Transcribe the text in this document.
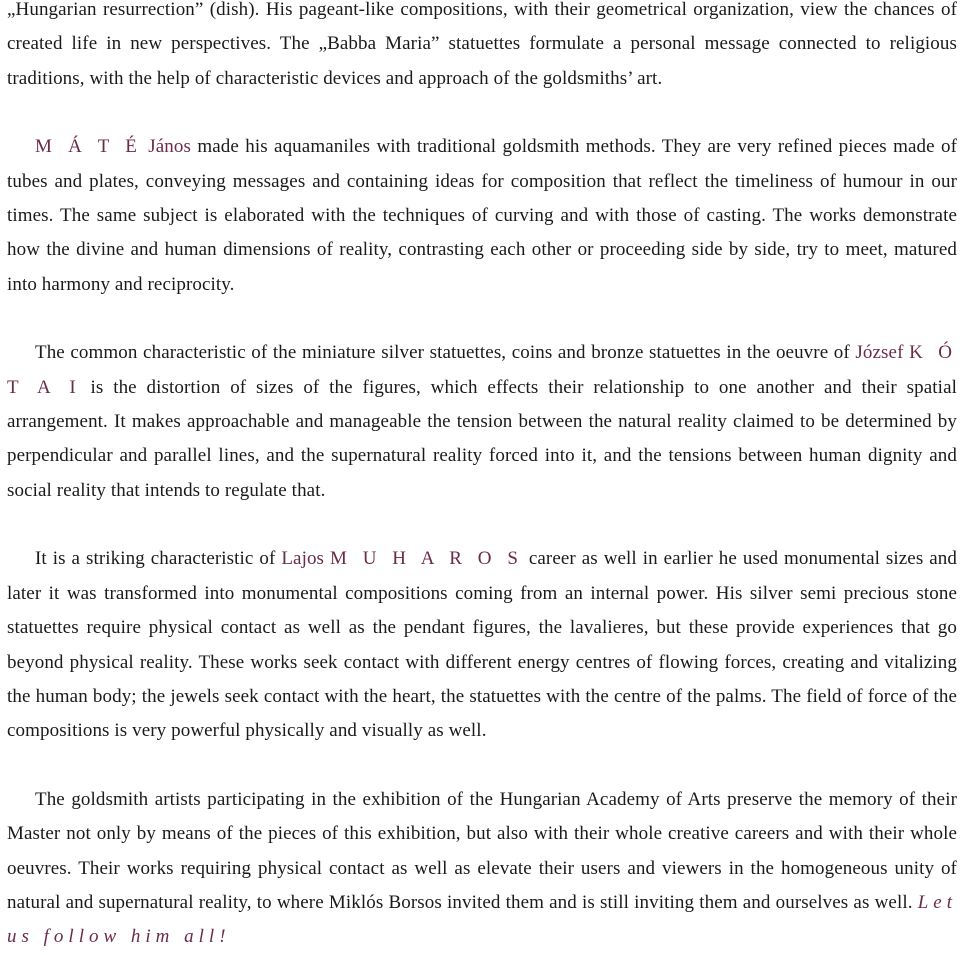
„Hungarian resurrection” (dish). His pageant-like compositions, with their geometrical organization, view the chances of created life in new perspectives. The „Babba Maria” statuettes formulate a personal message connected to religious traditions, with the help of characteristic devices and approach of the goldsmiths’ art.

M Á T É János made his aquamaniles with traditional goldsmith methods. They are very refined pieces made of tubes and plates, conveying messages and containing ideas for composition that reflect the timeliness of humour in our times. The same subject is elaborated with the techniques of curving and with those of casting. The works demonstrate how the divine and human dimensions of reality, contrasting each other or proceeding side by side, try to meet, matured into harmony and reciprocity.

The common characteristic of the miniature silver statuettes, coins and bronze statuettes in the oeuvre of József K Ó T A I is the distortion of sizes of the figures, which effects their relationship to one another and their spatial arrangement. It makes approachable and manageable the tension between the natural reality claimed to be determined by perpendicular and parallel lines, and the supernatural reality forced into it, and the tensions between human dignity and social reality that intends to regulate that.

It is a striking characteristic of Lajos M U H A R O S career as well in earlier he used monumental sizes and later it was transformed into monumental compositions coming from an internal power. His silver semi precious stone statuettes require physical contact as well as the pendant figures, the lavalieres, but these provide experiences that go beyond physical reality. These works seek contact with different energy centres of flowing forces, creating and vitalizing the human body; the jewels seek contact with the heart, the statuettes with the centre of the palms. The field of force of the compositions is very powerful physically and visually as well.

The goldsmith artists participating in the exhibition of the Hungarian Academy of Arts preserve the memory of their Master not only by means of the pieces of this exhibition, but also with their whole creative careers and with their whole oeuvres. Their works requiring physical contact as well as elevate their users and viewers in the homogeneous unity of natural and supernatural reality, to where Miklós Borsos invited them and is still inviting them and ourselves as well. Let us follow him all!
